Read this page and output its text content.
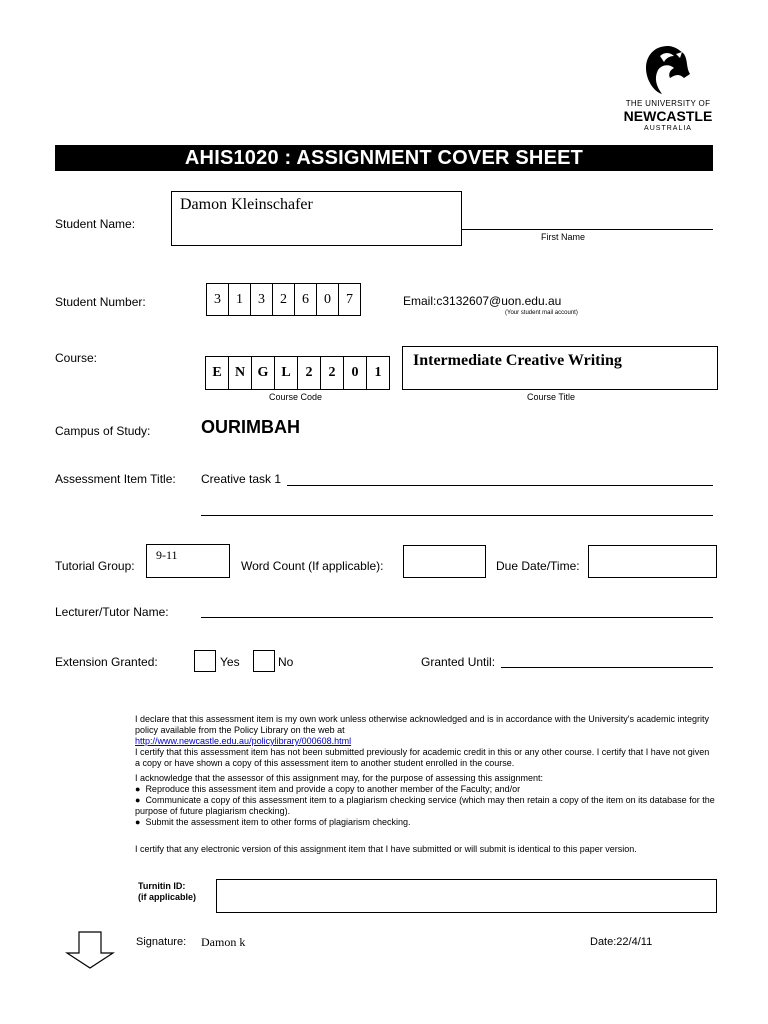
THE UNIVERSITY OF
NEWCASTLE
AUSTRALIA
AHIS1020 : ASSIGNMENT COVER SHEET
Student Name:
Damon Kleinschafer
First Name
Student Number:	3	1	3	2	6	0	7	Email:c3132607@uon.edu.au
(Your student mail account)
Course:
E N G L	2	2	0	1
Course Code
Intermediate Creative Writing
Course Title
Campus of Study:	OURIMBAH
Assessment Item Title: Creative task 1
Tutorial Group:
9-11
Word Count (If applicable):	Due Date/Time:
Lecturer/Tutor Name:
Extension Granted:	Yes	No	Granted Until:

I declare that this assessment item is my own work unless otherwise acknowledged and is in accordance with the University's academic integrity policy available from the Policy Library on the web at

http://www.newcastle.edu.au/policylibrary/000608.html

I certify that this assessment item has not been submitted previously for academic credit in this or any other course. I certify that I have not given a copy or have shown a copy of this assessment item to another student enrolled in the course.

I acknowledge that the assessor of this assignment may, for the purpose of assessing this assignment:

●  Reproduce this assessment item and provide a copy to another member of the Faculty; and/or

●  Communicate a copy of this assessment item to a plagiarism checking service (which may then retain a copy of the item on its database for the purpose of future plagiarism checking).

●  Submit the assessment item to other forms of plagiarism checking.

I certify that any electronic version of this assignment item that I have submitted or will submit is identical to this paper version.

Turnitin ID:
(if applicable)
Signature: Damon k	Date:22/4/11
